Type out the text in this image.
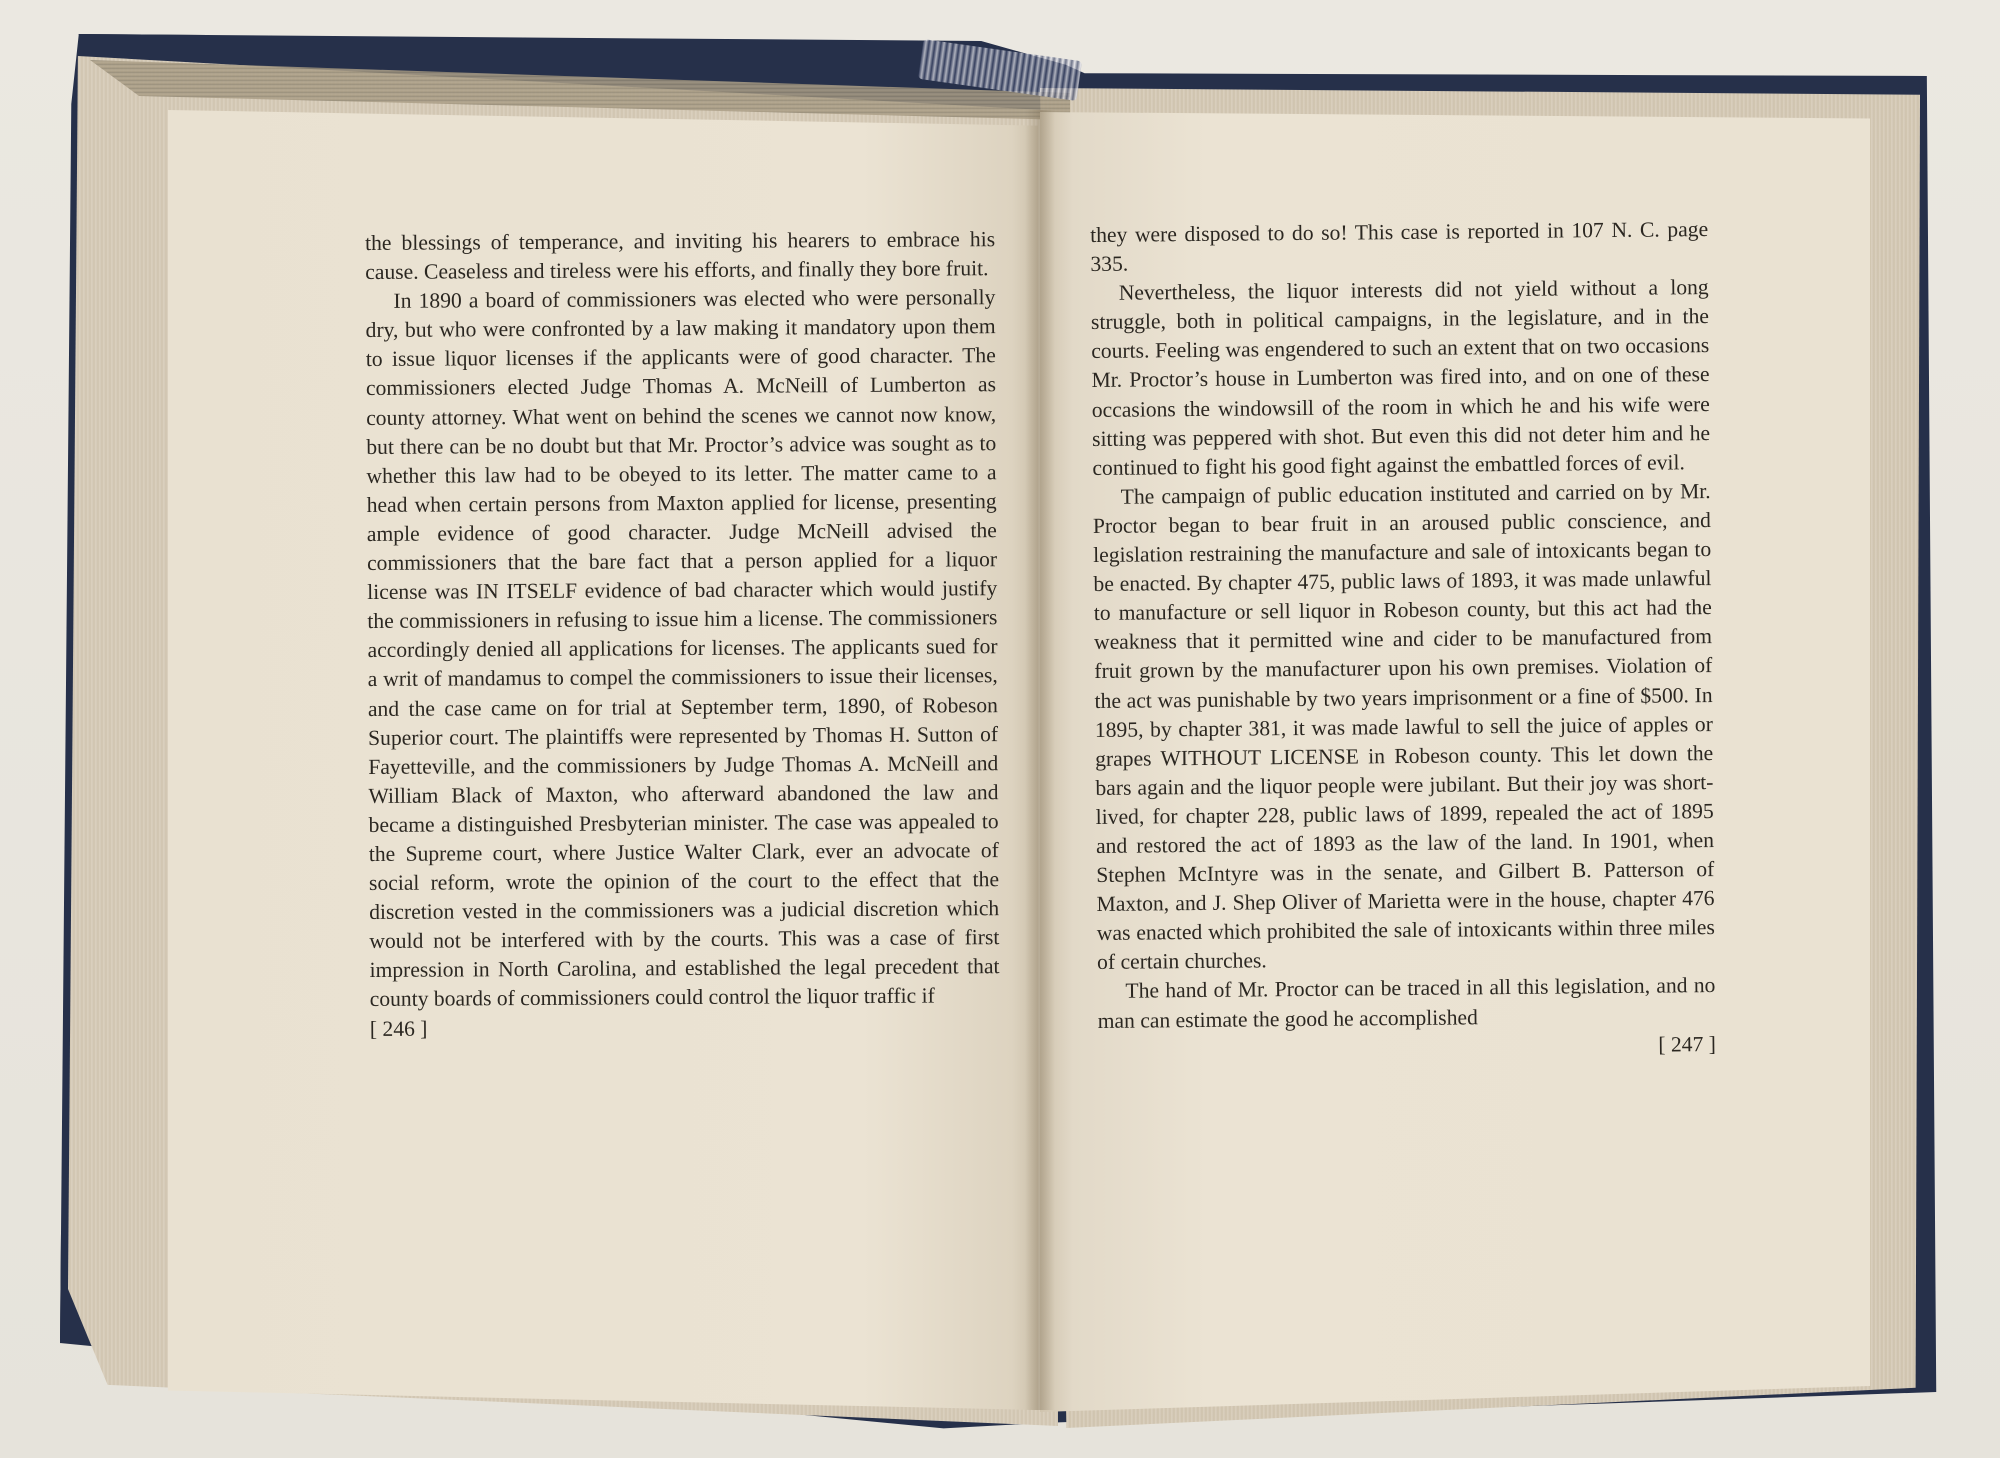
the blessings of temperance, and inviting his hearers to embrace his cause. Ceaseless and tireless were his efforts, and finally they bore fruit.

In 1890 a board of commissioners was elected who were personally dry, but who were confronted by a law making it mandatory upon them to issue liquor licenses if the applicants were of good character. The commissioners elected Judge Thomas A. McNeill of Lumberton as county attorney. What went on behind the scenes we cannot now know, but there can be no doubt but that Mr. Proctor’s advice was sought as to whether this law had to be obeyed to its letter. The matter came to a head when certain persons from Maxton applied for license, presenting ample evidence of good character. Judge McNeill advised the commissioners that the bare fact that a person applied for a liquor license was IN ITSELF evidence of bad character which would justify the commissioners in refusing to issue him a license. The commissioners accordingly denied all applications for licenses. The applicants sued for a writ of mandamus to compel the commissioners to issue their licenses, and the case came on for trial at September term, 1890, of Robeson Superior court. The plaintiffs were represented by Thomas H. Sutton of Fayetteville, and the commissioners by Judge Thomas A. McNeill and William Black of Maxton, who afterward abandoned the law and became a distinguished Presbyterian minister. The case was appealed to the Supreme court, where Justice Walter Clark, ever an advocate of social reform, wrote the opinion of the court to the effect that the discretion vested in the commissioners was a judicial discretion which would not be interfered with by the courts. This was a case of first impression in North Carolina, and established the legal precedent that county boards of commissioners could control the liquor traffic if

[ 246 ]

they were disposed to do so! This case is reported in 107 N. C. page 335.

Nevertheless, the liquor interests did not yield without a long struggle, both in political campaigns, in the legislature, and in the courts. Feeling was engendered to such an extent that on two occasions Mr. Proctor’s house in Lumberton was fired into, and on one of these occasions the windowsill of the room in which he and his wife were sitting was peppered with shot. But even this did not deter him and he continued to fight his good fight against the embattled forces of evil.

The campaign of public education instituted and carried on by Mr. Proctor began to bear fruit in an aroused public conscience, and legislation restraining the manufacture and sale of intoxicants began to be enacted. By chapter 475, public laws of 1893, it was made unlawful to manufacture or sell liquor in Robeson county, but this act had the weakness that it permitted wine and cider to be manufactured from fruit grown by the manufacturer upon his own premises. Violation of the act was punishable by two years imprisonment or a fine of $500. In 1895, by chapter 381, it was made lawful to sell the juice of apples or grapes WITHOUT LICENSE in Robeson county. This let down the bars again and the liquor people were jubilant. But their joy was short-lived, for chapter 228, public laws of 1899, repealed the act of 1895 and restored the act of 1893 as the law of the land. In 1901, when Stephen McIntyre was in the senate, and Gilbert B. Patterson of Maxton, and J. Shep Oliver of Marietta were in the house, chapter 476 was enacted which prohibited the sale of intoxicants within three miles of certain churches.

The hand of Mr. Proctor can be traced in all this legislation, and no man can estimate the good he accomplished

[ 247 ]
